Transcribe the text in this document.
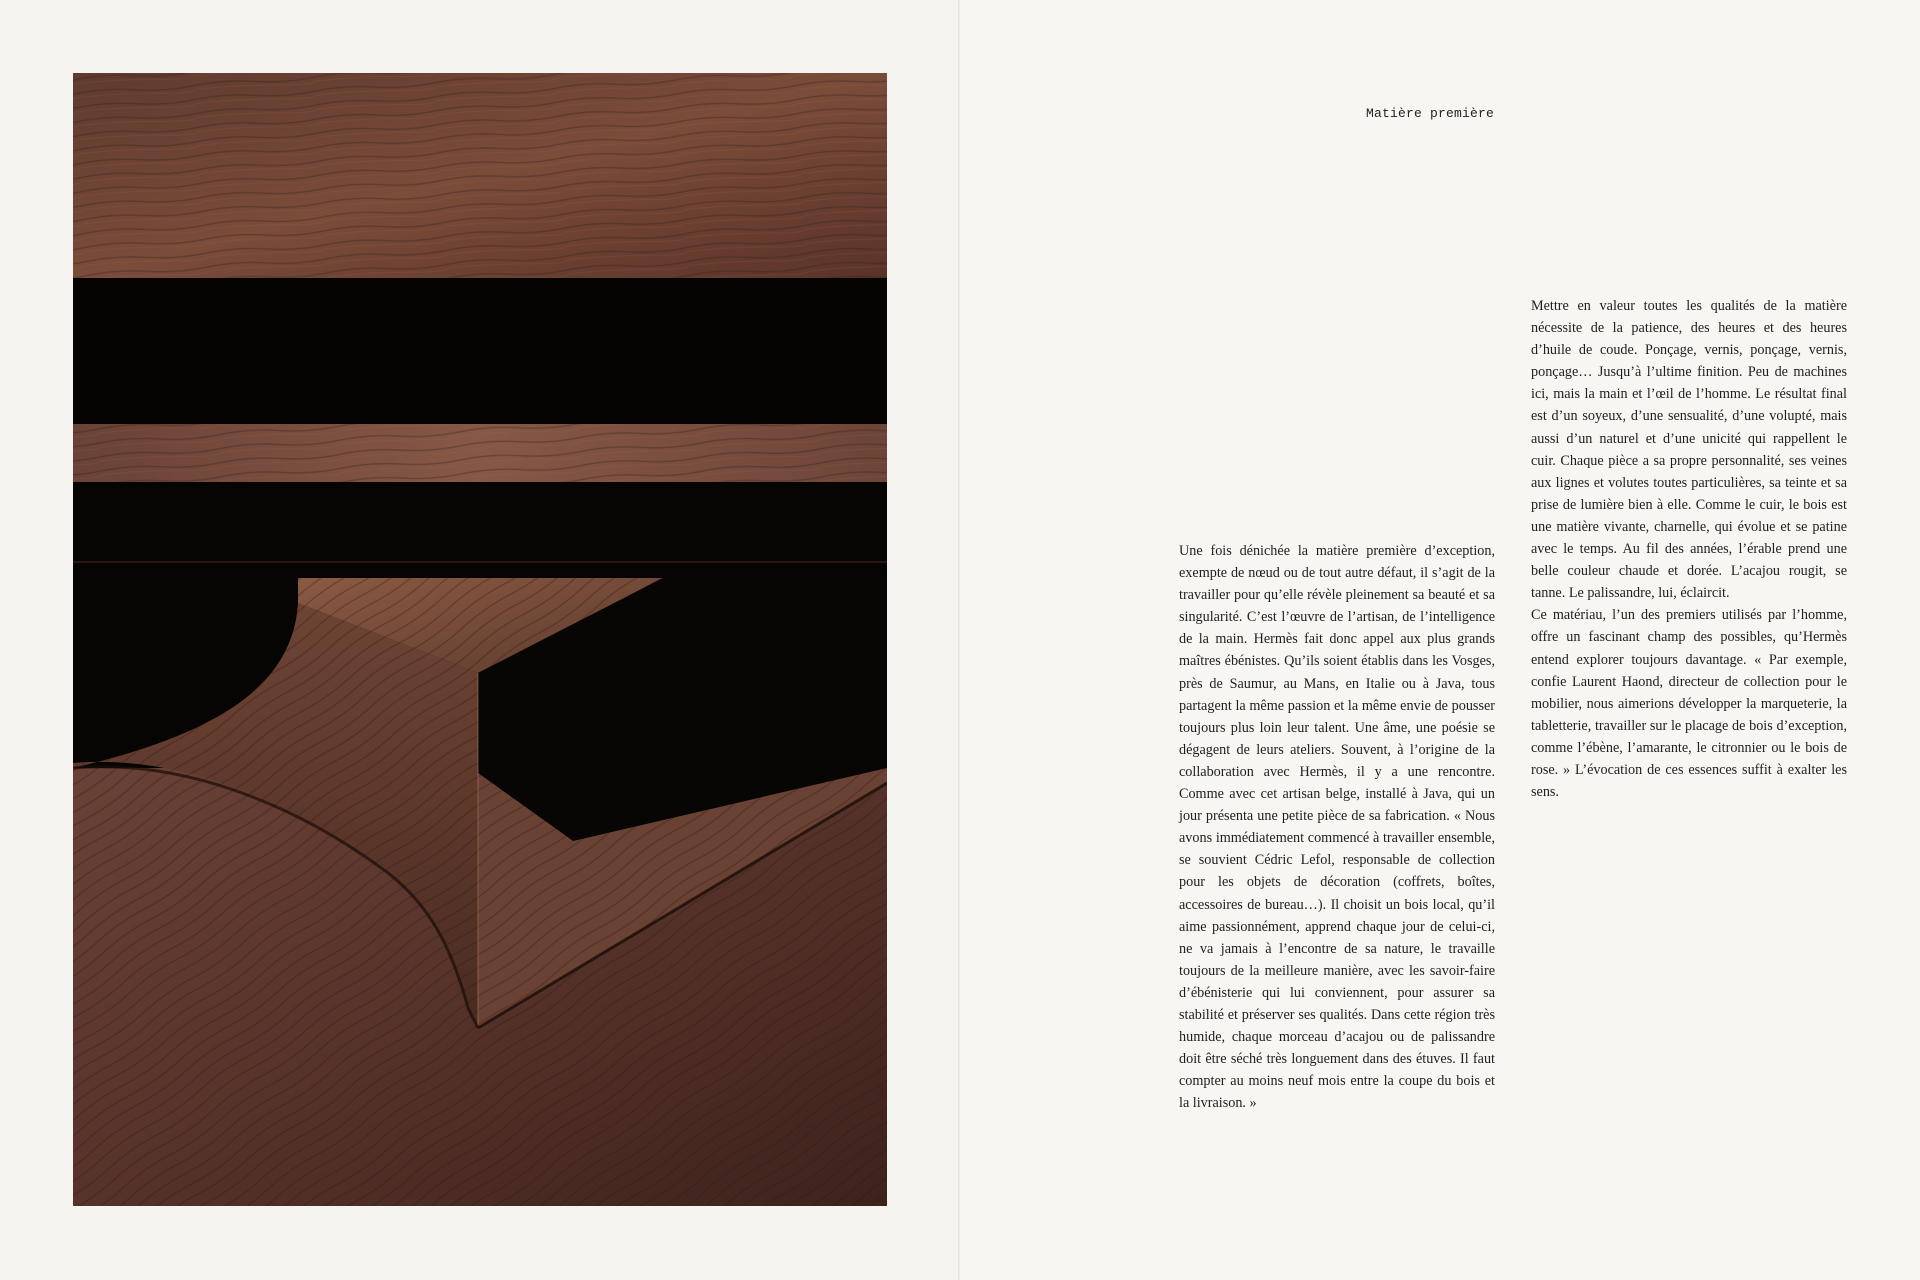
Matière première

Une fois dénichée la matière première d’exception, exempte de nœud ou de tout autre défaut, il s’agit de la travailler pour qu’elle révèle pleinement sa beauté et sa singularité. C’est l’œuvre de l’artisan, de l’intelligence de la main. Hermès fait donc appel aux plus grands maîtres ébénistes. Qu’ils soient établis dans les Vosges, près de Saumur, au Mans, en Italie ou à Java, tous partagent la même passion et la même envie de pousser toujours plus loin leur talent. Une âme, une poésie se dégagent de leurs ateliers. Souvent, à l’origine de la collaboration avec Hermès, il y a une rencontre. Comme avec cet artisan belge, installé à Java, qui un jour présenta une petite pièce de sa fabrication. « Nous avons immédiatement commencé à travailler ensemble, se souvient Cédric Lefol, responsable de collection pour les objets de décoration (coffrets, boîtes, accessoires de bureau…). Il choisit un bois local, qu’il aime passionnément, apprend chaque jour de celui-ci, ne va jamais à l’encontre de sa nature, le travaille toujours de la meilleure manière, avec les savoir-faire d’ébénisterie qui lui conviennent, pour assurer sa stabilité et préserver ses qualités. Dans cette région très humide, chaque morceau d’acajou ou de palissandre doit être séché très longuement dans des étuves. Il faut compter au moins neuf mois entre la coupe du bois et la livraison. »

Mettre en valeur toutes les qualités de la matière nécessite de la patience, des heures et des heures d’huile de coude. Ponçage, vernis, ponçage, vernis, ponçage… Jusqu’à l’ultime finition. Peu de machines ici, mais la main et l’œil de l’homme. Le résultat final est d’un soyeux, d’une sensualité, d’une volupté, mais aussi d’un naturel et d’une unicité qui rappellent le cuir. Chaque pièce a sa propre personnalité, ses veines aux lignes et volutes toutes particulières, sa teinte et sa prise de lumière bien à elle. Comme le cuir, le bois est une matière vivante, charnelle, qui évolue et se patine avec le temps. Au fil des années, l’érable prend une belle couleur chaude et dorée. L’acajou rougit, se tanne. Le palissandre, lui, éclaircit.

Ce matériau, l’un des premiers utilisés par l’homme, offre un fascinant champ des possibles, qu’Hermès entend explorer toujours davantage. « Par exemple, confie Laurent Haond, directeur de collection pour le mobilier, nous aimerions développer la marqueterie, la tabletterie, travailler sur le placage de bois d’exception, comme l’ébène, l’amarante, le citronnier ou le bois de rose. » L’évocation de ces essences suffit à exalter les sens.
